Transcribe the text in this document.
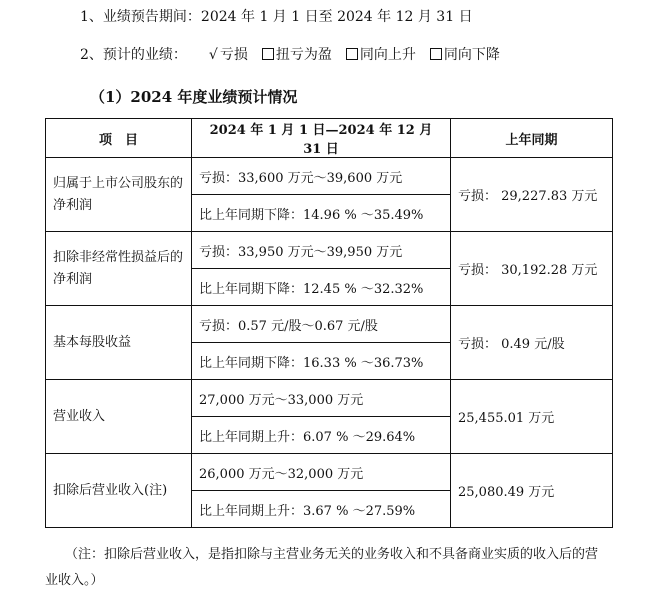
1、业绩预告期间：2024 年 1 月 1 日至 2024 年 12 月 31 日
2、预计的业绩： √ 亏损 扭亏为盈 同向上升 同向下降
（1）2024 年度业绩预计情况
项　目	2024 年 1 月 1 日—2024 年 12 月 31 日	上年同期
归属于上市公司股东的净利润	亏损：33,600 万元～39,600 万元	亏损： 29,227.83 万元
	比上年同期下降：14.96 % ～35.49%	
扣除非经常性损益后的净利润	亏损：33,950 万元～39,950 万元	亏损： 30,192.28 万元
	比上年同期下降：12.45 % ～32.32%	
基本每股收益	亏损：0.57 元/股～0.67 元/股	亏损： 0.49 元/股
	比上年同期下降：16.33 % ～36.73%	
营业收入	27,000 万元～33,000 万元	25,455.01 万元
	比上年同期上升：6.07 % ～29.64%	
扣除后营业收入(注)	26,000 万元～32,000 万元	25,080.49 万元
	比上年同期上升：3.67 % ～27.59%	
（注：扣除后营业收入，是指扣除与主营业务无关的业务收入和不具备商业实质的收入后的营业收入。）
